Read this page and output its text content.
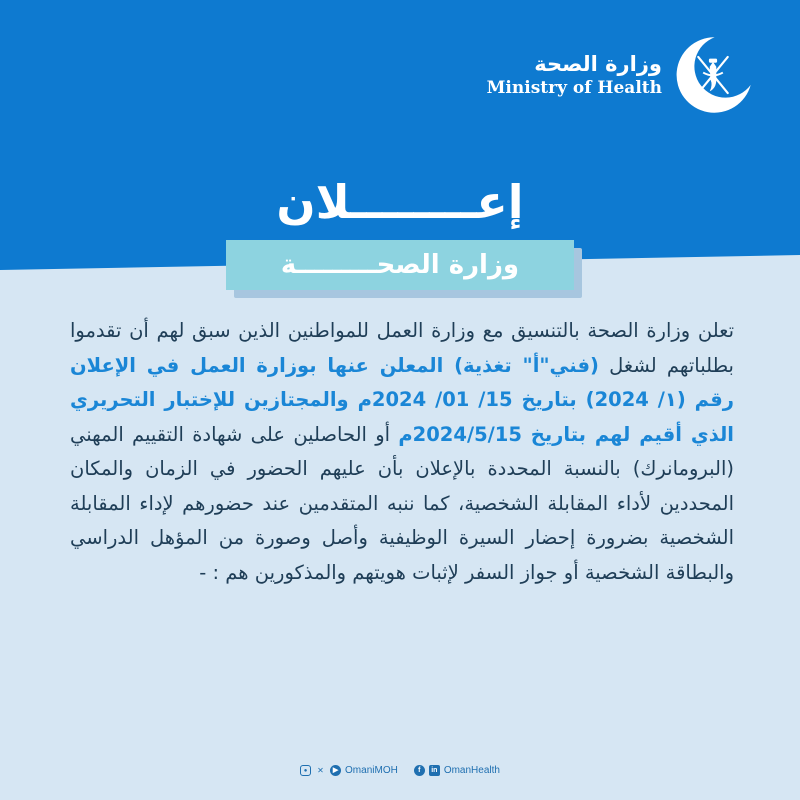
وزارة الصحة
Ministry of Health
إعــــــــلان
وزارة الصحـــــــــة
تعلن وزارة الصحة بالتنسيق مع وزارة العمل للمواطنين الذين سبق لهم أن تقدموا بطلباتهم لشغل (فني"أ" تغذية) المعلن عنها بوزارة العمل في الإعلان رقم (١/ 2024) بتاريخ 15/ 01/ 2024م والمجتازين للإختبار التحريري الذي أقيم لهم بتاريخ 2024/5/15م أو الحاصلين على شهادة التقييم المهني (البرومانرك) بالنسبة المحددة بالإعلان بأن عليهم الحضور في الزمان والمكان المحددين لأداء المقابلة الشخصية، كما ننبه المتقدمين عند حضورهم لإداء المقابلة الشخصية بضرورة إحضار السيرة الوظيفية وأصل وصورة من المؤهل الدراسي والبطاقة الشخصية أو جواز السفر لإثبات هويتهم والمذكورين هم : -
●	✕	▶ OmaniMOH	f	in OmanHealth
